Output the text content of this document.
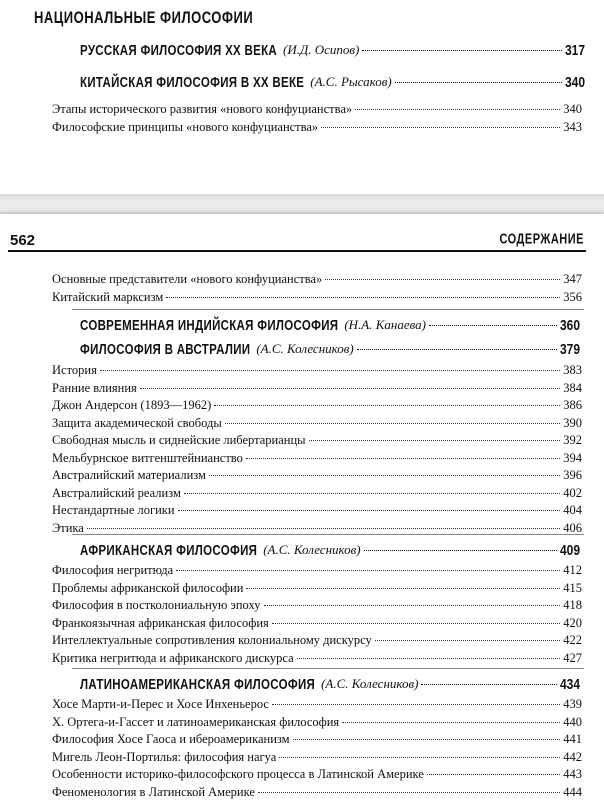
НАЦИОНАЛЬНЫЕ ФИЛОСОФИИ
РУССКАЯ ФИЛОСОФИЯ XX ВЕКА (И.Д. Осипов)	317
КИТАЙСКАЯ ФИЛОСОФИЯ В XX ВЕКЕ (А.С. Рысаков)	340
Этапы исторического развития «нового конфуцианства»	340
Философские принципы «нового конфуцианства»	343
562	СОДЕРЖАНИЕ
Основные представители «нового конфуцианства»	347
Китайский марксизм	356
СОВРЕМЕННАЯ ИНДИЙСКАЯ ФИЛОСОФИЯ (Н.А. Канаева)	360
ФИЛОСОФИЯ В АВСТРАЛИИ (А.С. Колесников)	379
История	383
Ранние влияния	384
Джон Андерсон (1893—1962)	386
Защита академической свободы	390
Свободная мысль и сиднейские либертарианцы	392
Мельбурнское витгенштейнианство	394
Австралийский материализм	396
Австралийский реализм	402
Нестандартные логики	404
Этика	406
АФРИКАНСКАЯ ФИЛОСОФИЯ (А.С. Колесников)	409
Философия негритюда	412
Проблемы африканской философии	415
Философия в постколониальную эпоху	418
Франкоязычная африканская философия	420
Интеллектуальные сопротивления колониальному дискурсу	422
Критика негритюда и африканского дискурса	427
ЛАТИНОАМЕРИКАНСКАЯ ФИЛОСОФИЯ (А.С. Колесников)	434
Хосе Марти-и-Перес и Хосе Инхеньерос	439
Х. Ортега-и-Гассет и латиноамериканская философия	440
Философия Хосе Гаоса и иберoамериканизм	441
Мигель Леон-Портилья: философия нагуа	442
Особенности историко-философского процесса в Латинской Америке	443
Феноменология в Латинской Америке	444
